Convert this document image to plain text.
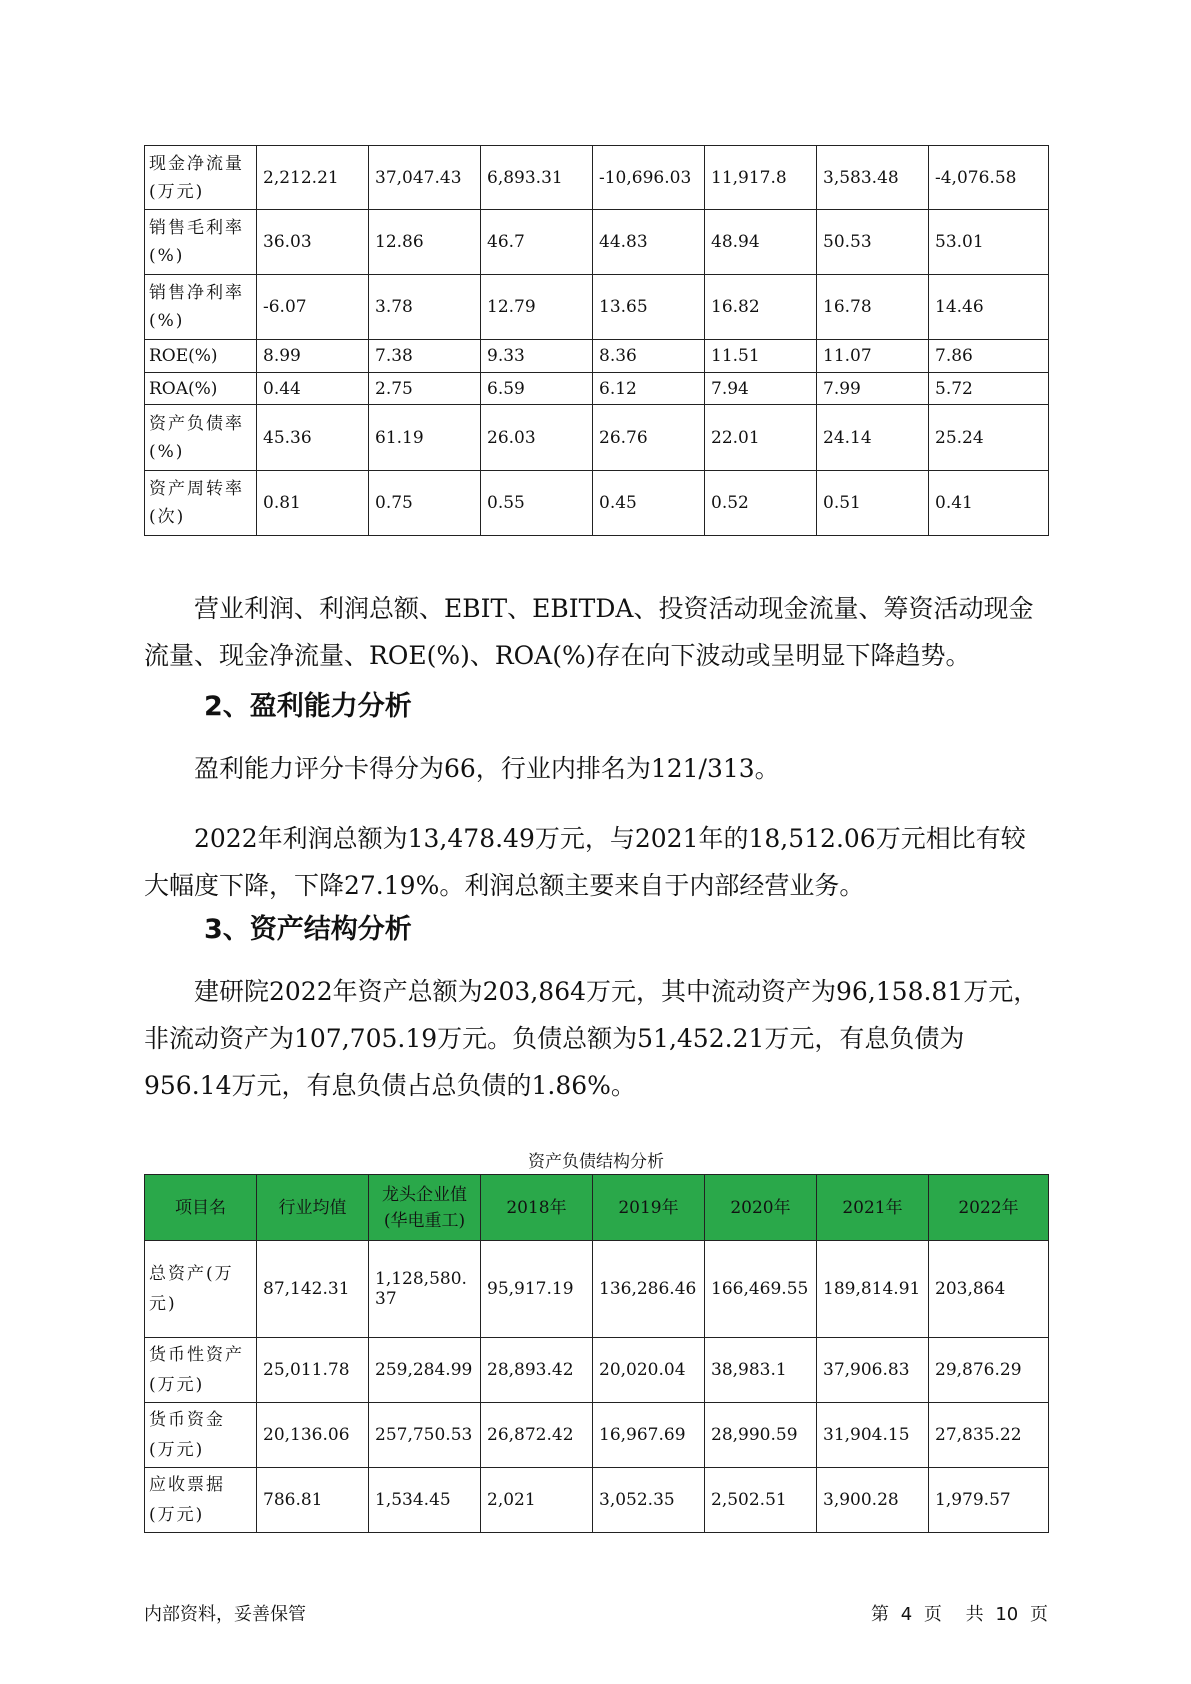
现金净流量(万元)	2,212.21	37,047.43	6,893.31	-10,696.03	11,917.8	3,583.48	-4,076.58
销售毛利率(%)	36.03	12.86	46.7	44.83	48.94	50.53	53.01
销售净利率(%)	-6.07	3.78	12.79	13.65	16.82	16.78	14.46
ROE(%)	8.99	7.38	9.33	8.36	11.51	11.07	7.86
ROA(%)	0.44	2.75	6.59	6.12	7.94	7.99	5.72
资产负债率(%)	45.36	61.19	26.03	26.76	22.01	24.14	25.24
资产周转率(次)	0.81	0.75	0.55	0.45	0.52	0.51	0.41

营业利润、利润总额、EBIT、EBITDA、投资活动现金流量、筹资活动现金流量、现金净流量、ROE(%)、ROA(%)存在向下波动或呈明显下降趋势。

2、盈利能力分析

盈利能力评分卡得分为66，行业内排名为121/313。

2022年利润总额为13,478.49万元，与2021年的18,512.06万元相比有较大幅度下降，下降27.19%。利润总额主要来自于内部经营业务。

3、资产结构分析

建研院2022年资产总额为203,864万元，其中流动资产为96,158.81万元，非流动资产为107,705.19万元。负债总额为51,452.21万元，有息负债为956.14万元，有息负债占总负债的1.86%。

资产负债结构分析

项目名	行业均值	龙头企业值(华电重工)	2018年	2019年	2020年	2021年	2022年
总资产(万元)	87,142.31	1,128,580.37	95,917.19	136,286.46	166,469.55	189,814.91	203,864
货币性资产(万元)	25,011.78	259,284.99	28,893.42	20,020.04	38,983.1	37,906.83	29,876.29
货币资金(万元)	20,136.06	257,750.53	26,872.42	16,967.69	28,990.59	31,904.15	27,835.22
应收票据(万元)	786.81	1,534.45	2,021	3,052.35	2,502.51	3,900.28	1,979.57
内部资料，妥善保管	第 4 页 共 10 页
